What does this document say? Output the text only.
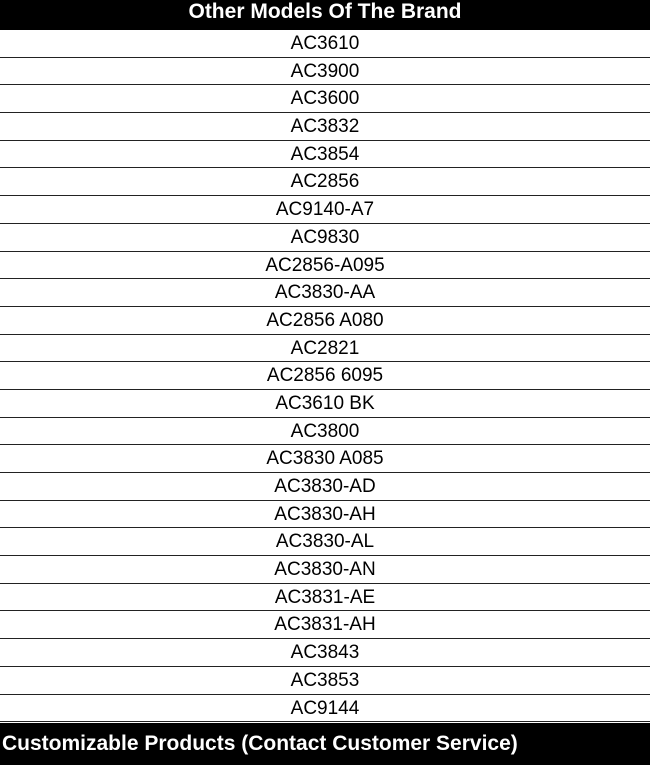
Other Models Of The Brand
AC3610
AC3900
AC3600
AC3832
AC3854
AC2856
AC9140-A7
AC9830
AC2856-A095
AC3830-AA
AC2856 A080
AC2821
AC2856 6095
AC3610 BK
AC3800
AC3830 A085
AC3830-AD
AC3830-AH
AC3830-AL
AC3830-AN
AC3831-AE
AC3831-AH
AC3843
AC3853
AC9144
Customizable Products (Contact Customer Service)
